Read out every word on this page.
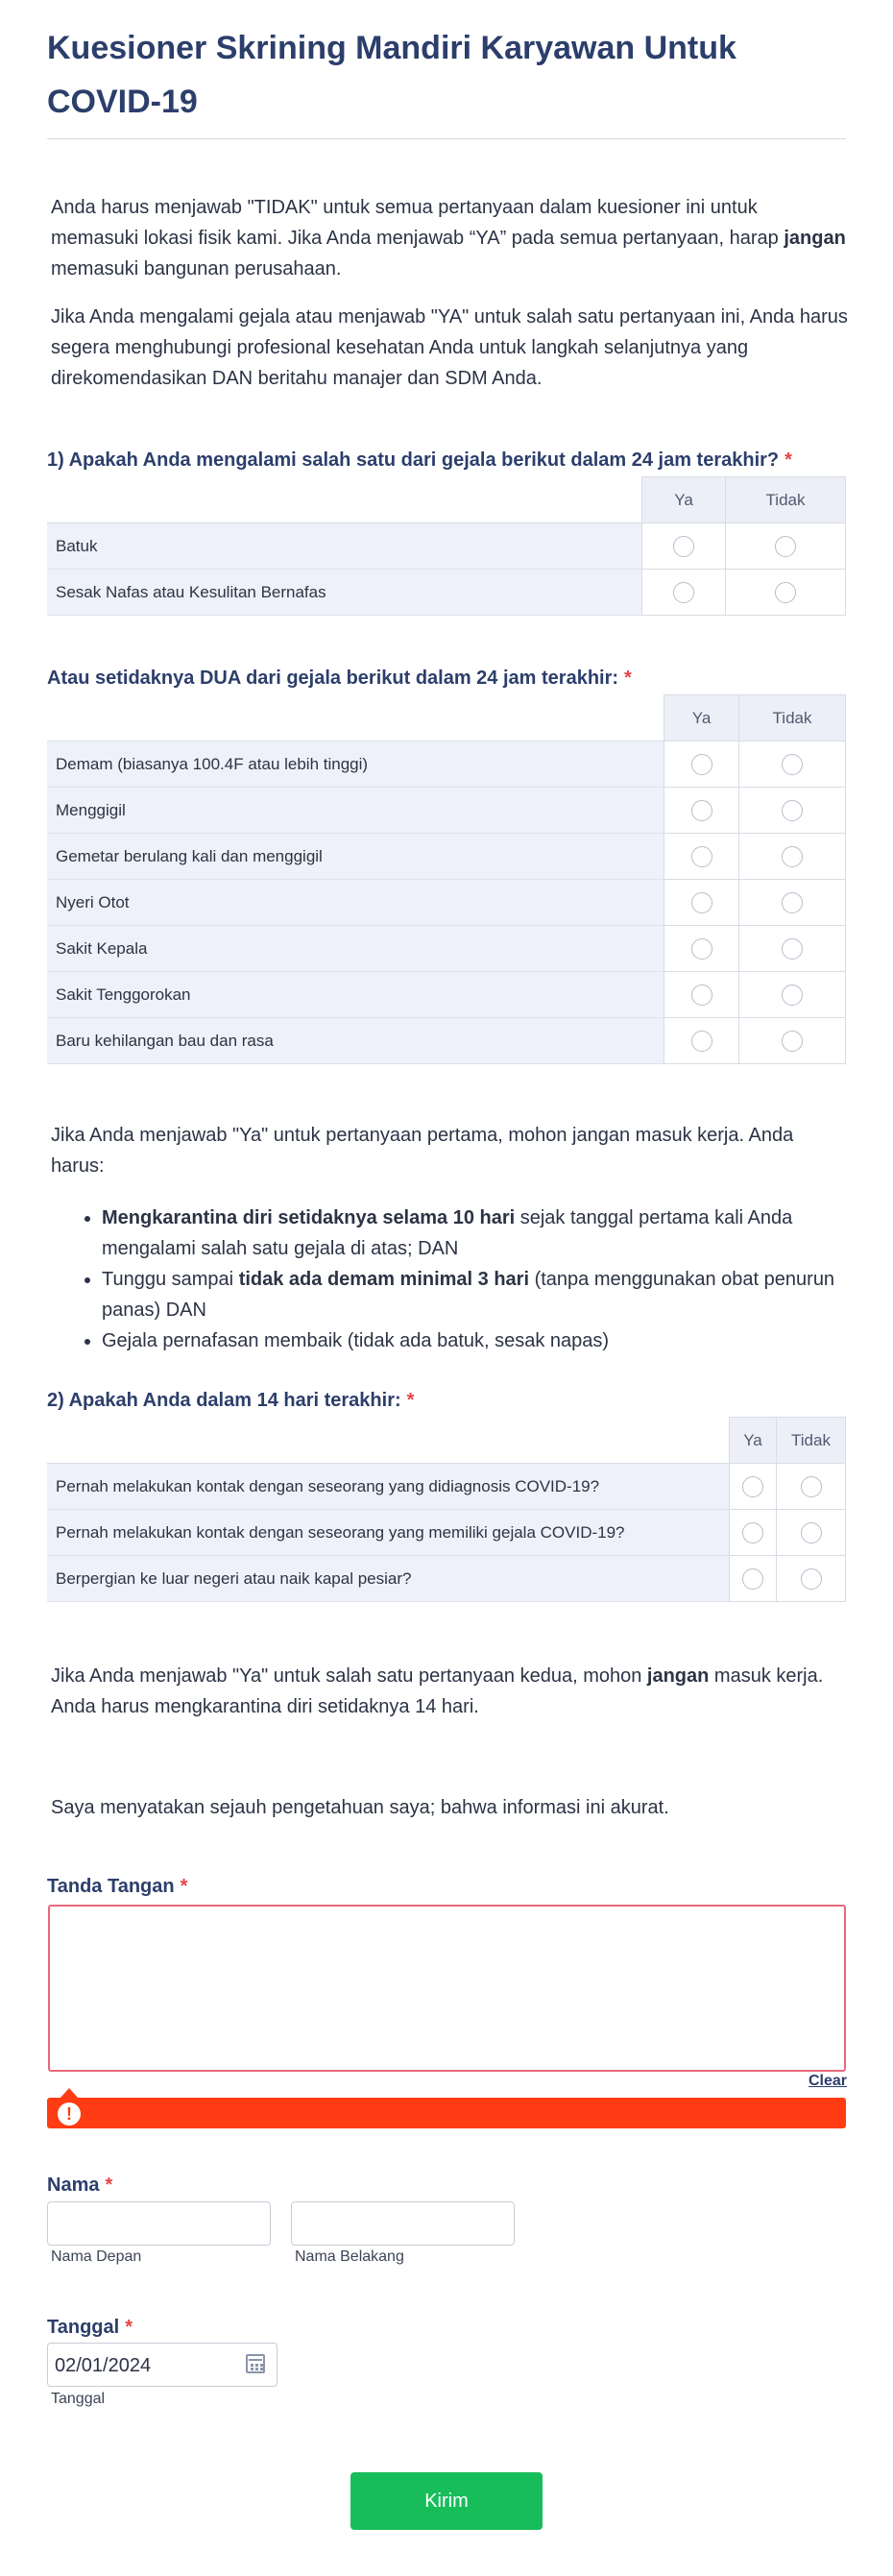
Kuesioner Skrining Mandiri Karyawan Untuk COVID-19

Anda harus menjawab "TIDAK" untuk semua pertanyaan dalam kuesioner ini untuk memasuki lokasi fisik kami. Jika Anda menjawab “YA” pada semua pertanyaan, harap jangan memasuki bangunan perusahaan.

Jika Anda mengalami gejala atau menjawab "YA" untuk salah satu pertanyaan ini, Anda harus segera menghubungi profesional kesehatan Anda untuk langkah selanjutnya yang direkomendasikan DAN beritahu manajer dan SDM Anda.

1) Apakah Anda mengalami salah satu dari gejala berikut dalam 24 jam terakhir? *
	Ya	Tidak
Batuk		
Sesak Nafas atau Kesulitan Bernafas		
Atau setidaknya DUA dari gejala berikut dalam 24 jam terakhir: *
	Ya	Tidak
Demam (biasanya 100.4F atau lebih tinggi)		
Menggigil		
Gemetar berulang kali dan menggigil		
Nyeri Otot		
Sakit Kepala		
Sakit Tenggorokan		
Baru kehilangan bau dan rasa		

Jika Anda menjawab "Ya" untuk pertanyaan pertama, mohon jangan masuk kerja. Anda harus:

• Mengkarantina diri setidaknya selama 10 hari sejak tanggal pertama kali Anda mengalami salah satu gejala di atas; DAN
• Tunggu sampai tidak ada demam minimal 3 hari (tanpa menggunakan obat penurun panas) DAN
• Gejala pernafasan membaik (tidak ada batuk, sesak napas)
2) Apakah Anda dalam 14 hari terakhir: *
	Ya	Tidak
Pernah melakukan kontak dengan seseorang yang didiagnosis COVID-19?		
Pernah melakukan kontak dengan seseorang yang memiliki gejala COVID-19?		
Berpergian ke luar negeri atau naik kapal pesiar?		

Jika Anda menjawab "Ya" untuk salah satu pertanyaan kedua, mohon jangan masuk kerja. Anda harus mengkarantina diri setidaknya 14 hari.

Saya menyatakan sejauh pengetahuan saya; bahwa informasi ini akurat.

Tanda Tangan *
Clear
!
Nama *
Nama Depan	Nama Belakang
Tanggal *
02/01/2024
Tanggal
Kirim
